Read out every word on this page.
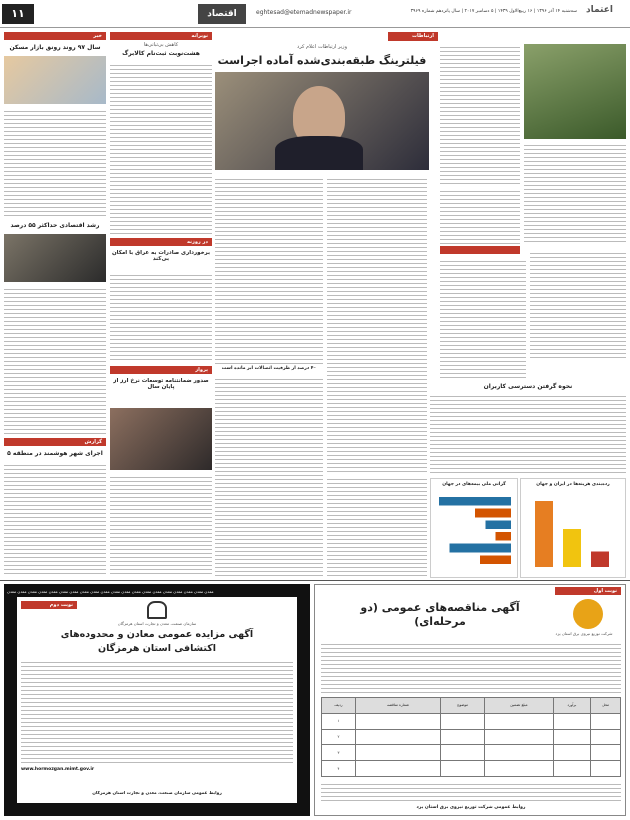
۱۱	اقتصاد	eghtesad@etemadnewspaper.ir	سه‌شنبه ۱۴ آذر ۱۳۹۶ | ۱۶ ربیع‌الاول ۱۴۳۹ | ۵ دسامبر ۲۰۱۷ | سال پانزدهم شماره ۳۹۶۹ اعتماد
ارتباطات
نحوه گرفتن دسترسی کاربران
رده‌بندی هزینه‌ها در ایران و جهان
گرانی ملی بیمه‌های در جهان
وزیر ارتباطات اعلام کرد
فیلترینگ طبقه‌بندی‌شده آماده اجراست
۴۰ درصد از ظرفیت اتصالات ابر مانده است
نوبرانه
کاهش بی‌ثباتی‌ها
هشت‌نوبت ثبت‌نام کالابرگ
در روزنه
برخورداری صادرات به عراق با امکان بی‌کند
پرواز
صدور ضمانتنامه توسعات نرخ ارز از پایان سال
خبر
سال ۹۷ روند رونق بازار مسکن
رشد اقتصادی حداکثر ۵۵ درصد
گزارش
اجرای شهر هوشمند در منطقه ۵
نوبت اول
شرکت توزیع نیروی برق استان یزد
آگهی مناقصه‌های عمومی (دو مرحله‌ای)
ردیف	شماره مناقصه	موضوع	مبلغ تضمین	برآورد	محل
۱					
۲					
۳					
۴					
روابط عمومی شرکت توزیع نیروی برق استان یزد
معدن معدن معدن معدن معدن معدن معدن معدن معدن معدن معدن معدن معدن معدن معدن معدن معدن معدن معدن معدن
نوبت دوم
سازمان صنعت، معدن و تجارت استان هرمزگان
آگهی مزایده عمومی معادن و محدوده‌های
اکتشافی استان هرمزگان
www.hormozgan.mimt.gov.ir
روابط عمومی سازمان صنعت، معدن و تجارت استان هرمزگان
